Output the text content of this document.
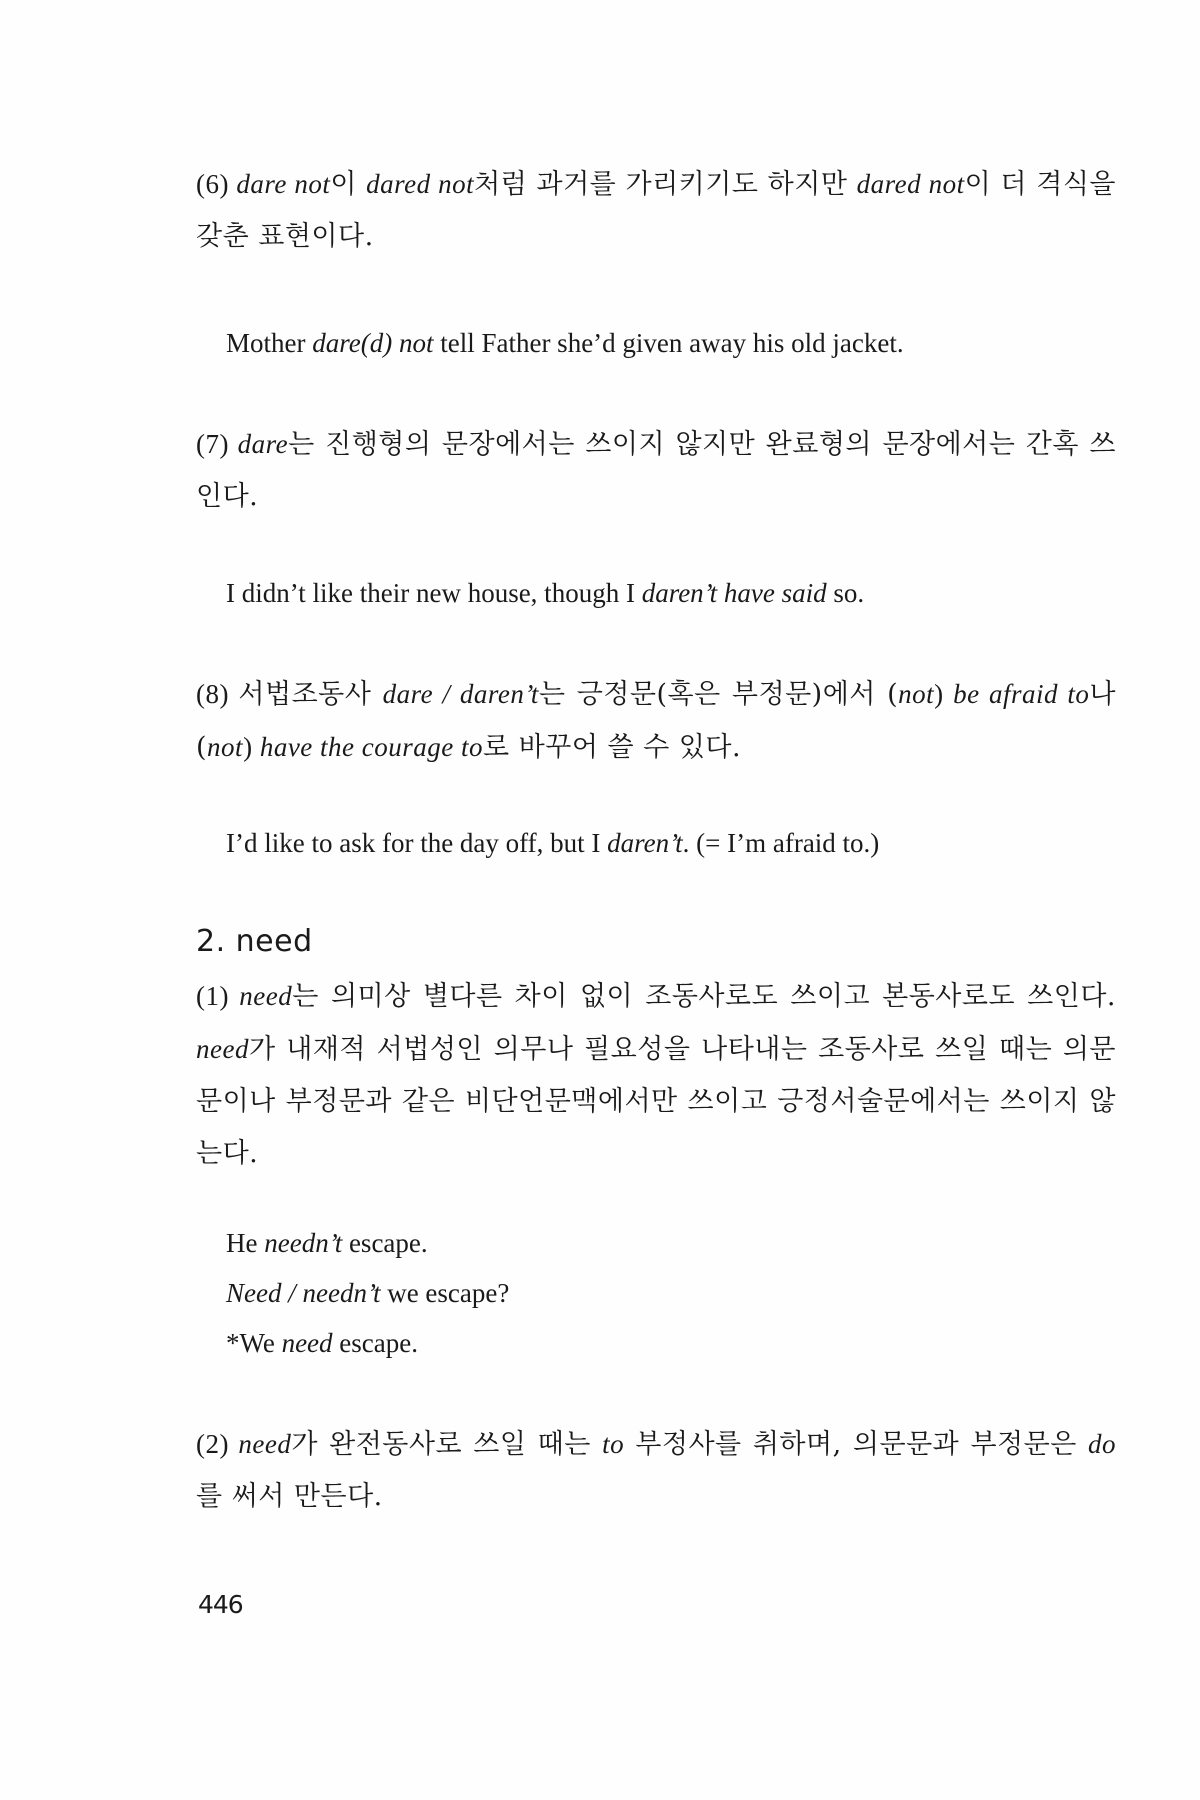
(6) dare not이 dared not처럼 과거를 가리키기도 하지만 dared not이 더 격식을 갖춘 표현이다.
Mother dare(d) not tell Father she’d given away his old jacket.
(7) dare는 진행형의 문장에서는 쓰이지 않지만 완료형의 문장에서는 간혹 쓰인다.
I didn’t like their new house, though I daren’t have said so.
(8) 서법조동사 dare / daren’t는 긍정문(혹은 부정문)에서 (not) be afraid to나 (not) have the courage to로 바꾸어 쓸 수 있다.
I’d like to ask for the day off, but I daren’t. (= I’m afraid to.)
2. need
(1) need는 의미상 별다른 차이 없이 조동사로도 쓰이고 본동사로도 쓰인다. need가 내재적 서법성인 의무나 필요성을 나타내는 조동사로 쓰일 때는 의문문이나 부정문과 같은 비단언문맥에서만 쓰이고 긍정서술문에서는 쓰이지 않는다.
He needn’t escape.
Need / needn’t we escape?
*We need escape.
(2) need가 완전동사로 쓰일 때는 to 부정사를 취하며, 의문문과 부정문은 do를 써서 만든다.
446
